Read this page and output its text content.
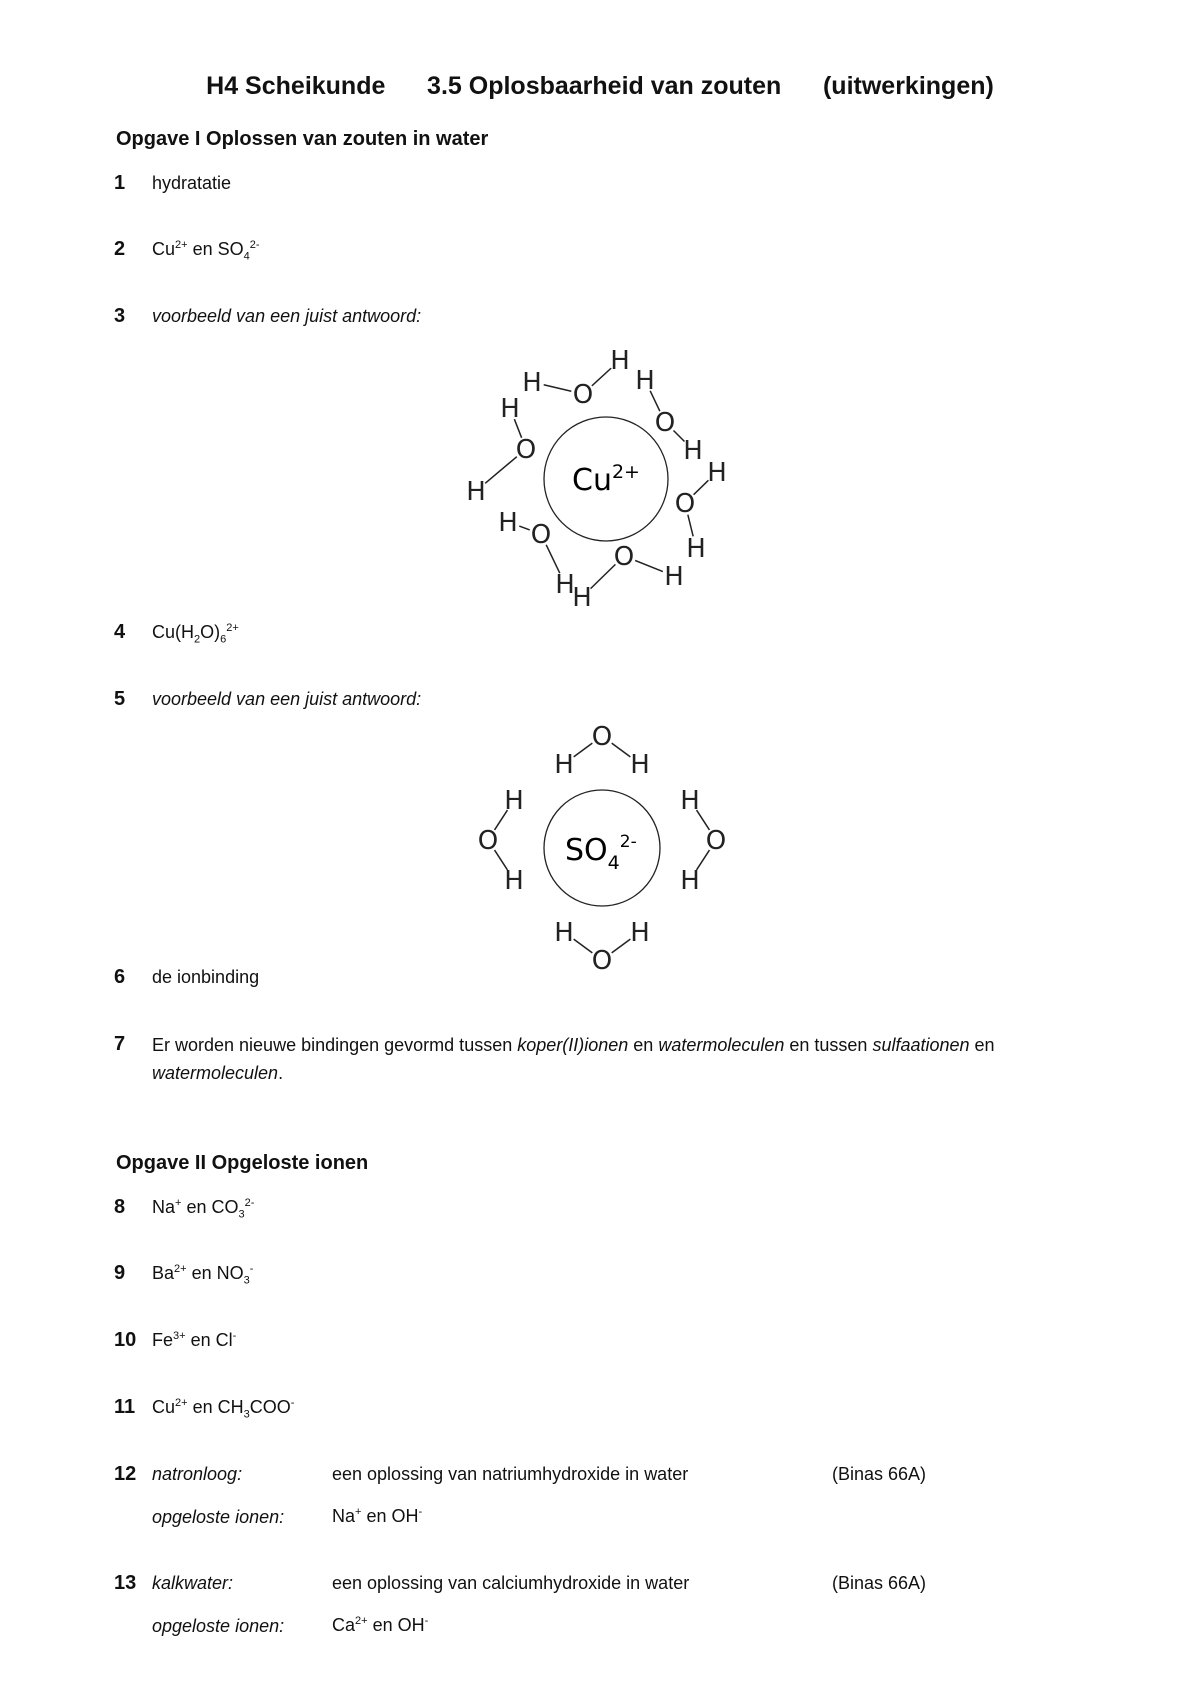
H4 Scheikunde      3.5 Oplosbaarheid van zouten      (uitwerkingen)
Opgave I Oplossen van zouten in water
1 hydratatie
2 $Cu^{2+}$ en $SO_4^{2-}$
3 voorbeeld van een juist antwoord:
$Cu^{2+}$
H
H
O H
H
O
H
H
O
H
H
O
H
H
O
H
H
O
4 $Cu(H_2O)_6^{2+}$
5 voorbeeld van een juist antwoord:
$SO_4^{2-}$
H H
O
H H
O
H
H
O
H
H
O
6 de ionbinding
7 Er worden nieuwe bindingen gevormd tussen koper(II)ionen en watermoleculen en tussen sulfaationen en watermoleculen.
Opgave II Opgeloste ionen
8 Na+ en $CO_3^{2-}$
9 $Ba^{2+}$ en $NO_3^-$
10 $Fe^{3+}$ en Cl-
11 $Cu^{2+}$ en $CH_3COO^-$
12 natronloog:	een oplossing van natriumhydroxide in water	(Binas 66A)
opgeloste ionen:	Na+ en OH-
13 kalkwater:	een oplossing van calciumhydroxide in water	(Binas 66A)
opgeloste ionen:	$Ca^{2+}$ en OH-
